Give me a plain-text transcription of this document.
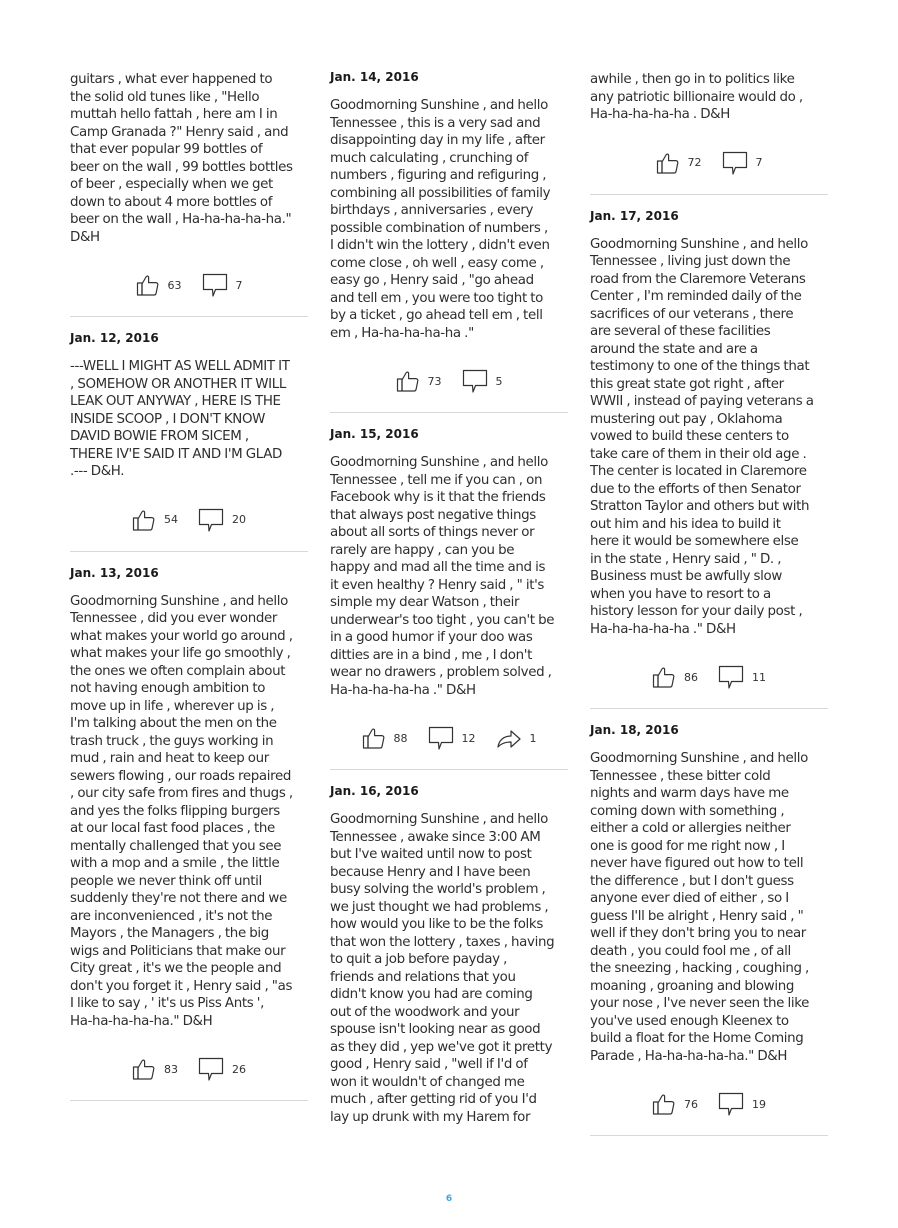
guitars , what ever happened to
the solid old tunes like , "Hello
muttah hello fattah , here am I in
Camp Granada ?" Henry said , and
that ever popular 99 bottles of
beer on the wall , 99 bottles bottles
of beer , especially when we get
down to about 4 more bottles of
beer on the wall , Ha-ha-ha-ha-ha."
D&H

63	7
Jan. 12, 2016

---WELL I MIGHT AS WELL ADMIT IT
, SOMEHOW OR ANOTHER IT WILL
LEAK OUT ANYWAY , HERE IS THE
INSIDE SCOOP , I DON'T KNOW
DAVID BOWIE FROM SICEM ,
THERE IV'E SAID IT AND I'M GLAD
.--- D&H.

54	20
Jan. 13, 2016

Goodmorning Sunshine , and hello
Tennessee , did you ever wonder
what makes your world go around ,
what makes your life go smoothly ,
the ones we often complain about
not having enough ambition to
move up in life , wherever up is ,
I'm talking about the men on the
trash truck , the guys working in
mud , rain and heat to keep our
sewers flowing , our roads repaired
, our city safe from fires and thugs ,
and yes the folks flipping burgers
at our local fast food places , the
mentally challenged that you see
with a mop and a smile , the little
people we never think off until
suddenly they're not there and we
are inconvenienced , it's not the
Mayors , the Managers , the big
wigs and Politicians that make our
City great , it's we the people and
don't you forget it , Henry said , "as
I like to say , ' it's us Piss Ants ',
Ha-ha-ha-ha-ha." D&H

83	26
Jan. 14, 2016

Goodmorning Sunshine , and hello
Tennessee , this is a very sad and
disappointing day in my life , after
much calculating , crunching of
numbers , figuring and refiguring ,
combining all possibilities of family
birthdays , anniversaries , every
possible combination of numbers ,
I didn't win the lottery , didn't even
come close , oh well , easy come ,
easy go , Henry said , "go ahead
and tell em , you were too tight to
by a ticket , go ahead tell em , tell
em , Ha-ha-ha-ha-ha ."

73	5
Jan. 15, 2016

Goodmorning Sunshine , and hello
Tennessee , tell me if you can , on
Facebook why is it that the friends
that always post negative things
about all sorts of things never or
rarely are happy , can you be
happy and mad all the time and is
it even healthy ? Henry said , " it's
simple my dear Watson , their
underwear's too tight , you can't be
in a good humor if your doo was
ditties are in a bind , me , I don't
wear no drawers , problem solved ,
Ha-ha-ha-ha-ha ." D&H

88	12	1
Jan. 16, 2016

Goodmorning Sunshine , and hello
Tennessee , awake since 3:00 AM
but I've waited until now to post
because Henry and I have been
busy solving the world's problem ,
we just thought we had problems ,
how would you like to be the folks
that won the lottery , taxes , having
to quit a job before payday ,
friends and relations that you
didn't know you had are coming
out of the woodwork and your
spouse isn't looking near as good
as they did , yep we've got it pretty
good , Henry said , "well if I'd of
won it wouldn't of changed me
much , after getting rid of you I'd
lay up drunk with my Harem for

awhile , then go in to politics like
any patriotic billionaire would do ,
Ha-ha-ha-ha-ha . D&H

72	7
Jan. 17, 2016

Goodmorning Sunshine , and hello
Tennessee , living just down the
road from the Claremore Veterans
Center , I'm reminded daily of the
sacrifices of our veterans , there
are several of these facilities
around the state and are a
testimony to one of the things that
this great state got right , after
WWII , instead of paying veterans a
mustering out pay , Oklahoma
vowed to build these centers to
take care of them in their old age .
The center is located in Claremore
due to the efforts of then Senator
Stratton Taylor and others but with
out him and his idea to build it
here it would be somewhere else
in the state , Henry said , " D. ,
Business must be awfully slow
when you have to resort to a
history lesson for your daily post ,
Ha-ha-ha-ha-ha ." D&H

86	11
Jan. 18, 2016

Goodmorning Sunshine , and hello
Tennessee , these bitter cold
nights and warm days have me
coming down with something ,
either a cold or allergies neither
one is good for me right now , I
never have figured out how to tell
the difference , but I don't guess
anyone ever died of either , so I
guess I'll be alright , Henry said , "
well if they don't bring you to near
death , you could fool me , of all
the sneezing , hacking , coughing ,
moaning , groaning and blowing
your nose , I've never seen the like
you've used enough Kleenex to
build a float for the Home Coming
Parade , Ha-ha-ha-ha-ha." D&H

76	19
6
